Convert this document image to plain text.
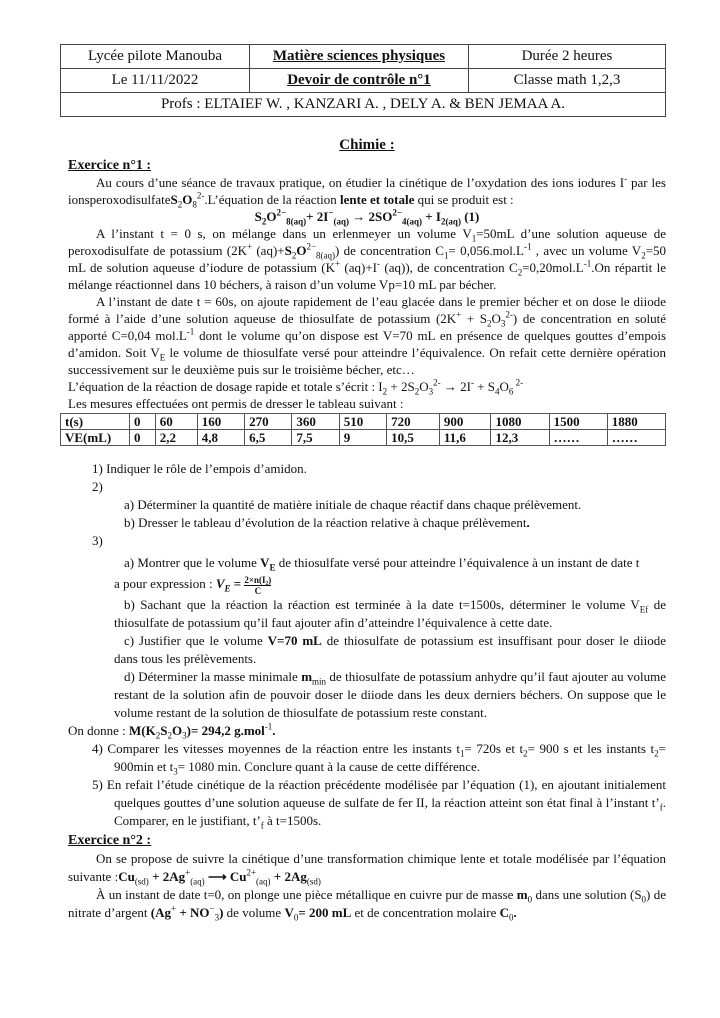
Lycée pilote Manouba	Matière sciences physiques	Durée 2 heures
Le 11/11/2022	Devoir de contrôle n°1	Classe math 1,2,3
Profs : ELTAIEF W. , KANZARI A. , DELY A. & BEN JEMAA A.		
Chimie :
Exercice n°1 :
Au cours d’une séance de travaux pratique, on étudier la cinétique de l’oxydation des ions iodures I- par les $ionsperoxodisulfateS_2O_8^{2-}.L’équation$ de la réaction lente et totale qui se produit est :
$S_2O^{2-}_{8(aq)}+ 2I^-_{(aq)} \to 2SO^{2-}_{4(aq)} + I_{2(aq)}$ (1)
A l’instant t = 0 s, on mélange dans un erlenmeyer un volume $V_1=50mL$ d’une solution aqueuse de peroxodisulfate de potassium (2K+ $(aq)+S_2O^{2-}_{8(aq)}$) de concentration $C_1= 0,056.mol.L^{-1}$ , avec un volume $V_2=50$ mL de solution aqueuse d’iodure de potassium (K+ (aq)+I- (aq)), de concentration $C_2=0,20mol.L^{-1}.On$ répartit le mélange réactionnel dans 10 béchers, à raison d’un volume Vp=10 mL par bécher.
A l’instant de date t = 60s, on ajoute rapidement de l’eau glacée dans le premier bécher et on dose le diiode formé à l’aide d’une solution aqueuse de thiosulfate de potassium $(2K^+ + S_2O_3^{2-})$ de concentration en soluté apporté C=0,04 $mol.L^{-1}$ dont le volume qu’on dispose est V=70 mL en présence de quelques gouttes d’empois d’amidon. Soit $V_E$ le volume de thiosulfate versé pour atteindre l’équivalence. On refait cette dernière opération successivement sur le deuxième puis sur le troisième bécher, etc…
L’équation de la réaction de dosage rapide et totale s’écrit : $I_2 + 2S_2O_3^{2-} \to 2I^- + S_4O_6$ $^{2-}$
Les mesures effectuées ont permis de dresser le tableau suivant :
t(s)	0	60	160	270	360	510	720	900	1080	1500	1880
VE(mL)	0	2,2	4,8	6,5	7,5	9	10,5	11,6	12,3	……	……
1) Indiquer le rôle de l’empois d’amidon.
2)
a) Déterminer la quantité de matière initiale de chaque réactif dans chaque prélèvement.
b) Dresser le tableau d’évolution de la réaction relative à chaque prélèvement.
3)
a) Montrer que le volume $V_E$ de thiosulfate versé pour atteindre l’équivalence à un instant de date t
a pour expression : $V_E = \frac{\text{2×n(I₂)}}{C}$
b) Sachant que la réaction la réaction est terminée à la date t=1500s, déterminer le volume $V_{Ef}$ de thiosulfate de potassium qu’il faut ajouter afin d’atteindre l’équivalence à cette date.
c) Justifier que le volume V=70 mL de thiosulfate de potassium est insuffisant pour doser le diiode dans tous les prélèvements.
d) Déterminer la masse minimale $m_{min}$ de thiosulfate de potassium anhydre qu’il faut ajouter au volume restant de la solution afin de pouvoir doser le diiode dans les deux derniers béchers. On suppose que le volume restant de la solution de thiosulfate de potassium reste constant.
On donne : $M(K_2S_2O_3)= 294,2$ g.mol$^{-1}$.
4) Comparer les vitesses moyennes de la réaction entre les instants $t_1= 720s$ et $t_2= 900$ s et les instants $t_2= 900\min$ et $t_3= 1080$ min. Conclure quant à la cause de cette différence.
5) En refait l’étude cinétique de la réaction précédente modélisée par l’équation (1), en ajoutant initialement quelques gouttes d’une solution aqueuse de sulfate de fer II, la réaction atteint son état final à l’instant $t’_f$. Comparer, en le justifiant, $t’_f$ à t=1500s.
Exercice n°2 :
On se propose de suivre la cinétique d’une transformation chimique lente et totale modélisée par l’équation suivante $:Cu_{(sd)} + 2Ag^+_{(aq)}$ ⟶ $Cu^{2+}_{(aq)} + 2Ag_{(sd)}$
À un instant de date t=0, on plonge une pièce métallique en cuivre pur de masse $m_0$ dans une solution $(S_0)$ de nitrate d’argent $(Ag^+ + NO^-_3)$ de volume $V_0= 200$ mL et de concentration molaire $C_0$.
